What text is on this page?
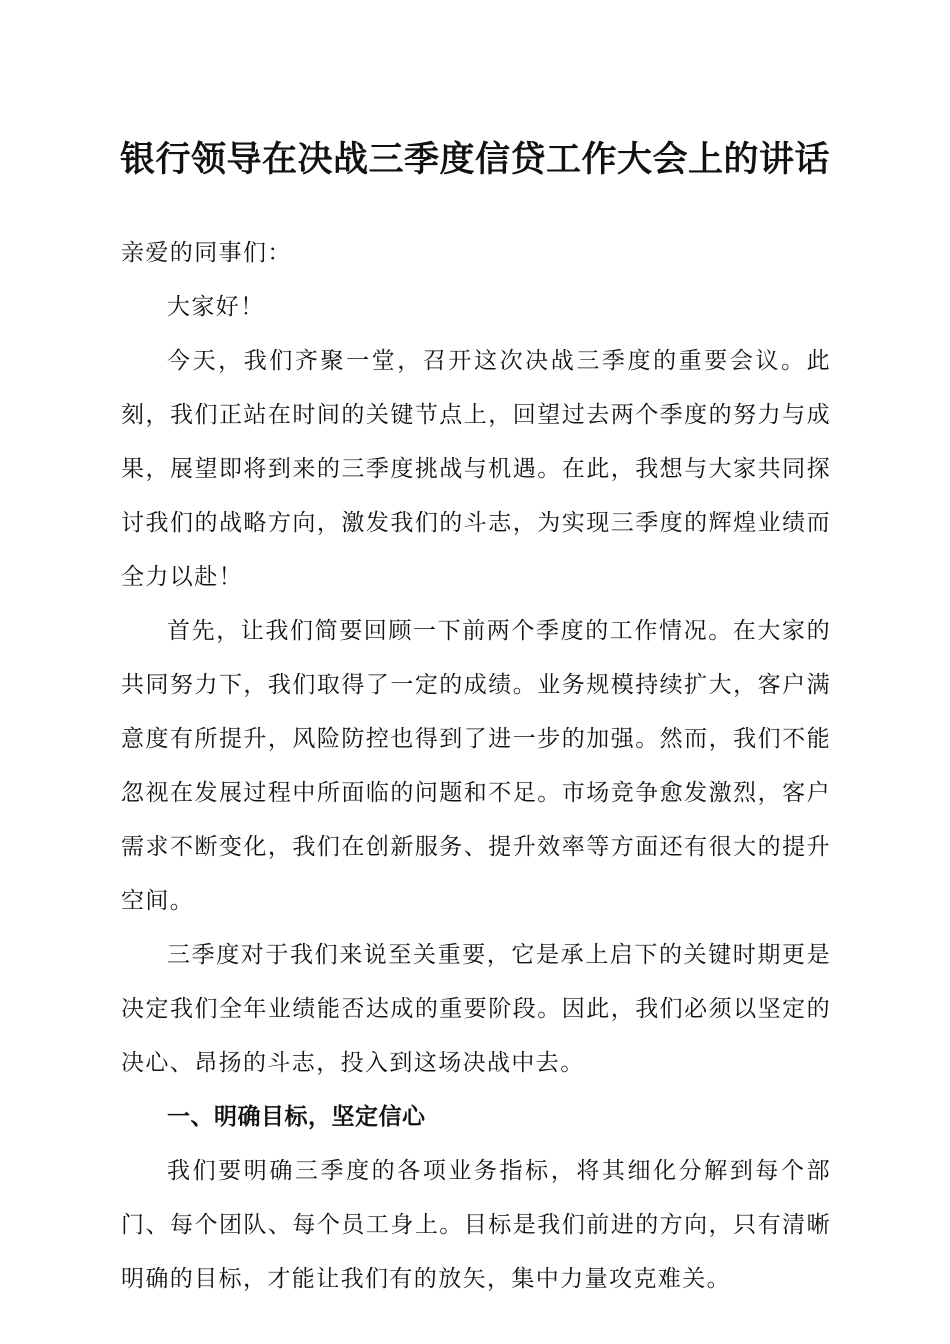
银行领导在决战三季度信贷工作大会上的讲话

亲爱的同事们：

大家好！

今天，我们齐聚一堂，召开这次决战三季度的重要会议。此刻，我们正站在时间的关键节点上，回望过去两个季度的努力与成果，展望即将到来的三季度挑战与机遇。在此，我想与大家共同探讨我们的战略方向，激发我们的斗志，为实现三季度的辉煌业绩而全力以赴！

首先，让我们简要回顾一下前两个季度的工作情况。在大家的共同努力下，我们取得了一定的成绩。业务规模持续扩大，客户满意度有所提升，风险防控也得到了进一步的加强。然而，我们不能忽视在发展过程中所面临的问题和不足。市场竞争愈发激烈，客户需求不断变化，我们在创新服务、提升效率等方面还有很大的提升空间。

三季度对于我们来说至关重要，它是承上启下的关键时期更是决定我们全年业绩能否达成的重要阶段。因此，我们必须以坚定的决心、昂扬的斗志，投入到这场决战中去。

一、明确目标，坚定信心

我们要明确三季度的各项业务指标，将其细化分解到每个部门、每个团队、每个员工身上。目标是我们前进的方向，只有清晰明确的目标，才能让我们有的放矢，集中力量攻克难关。
